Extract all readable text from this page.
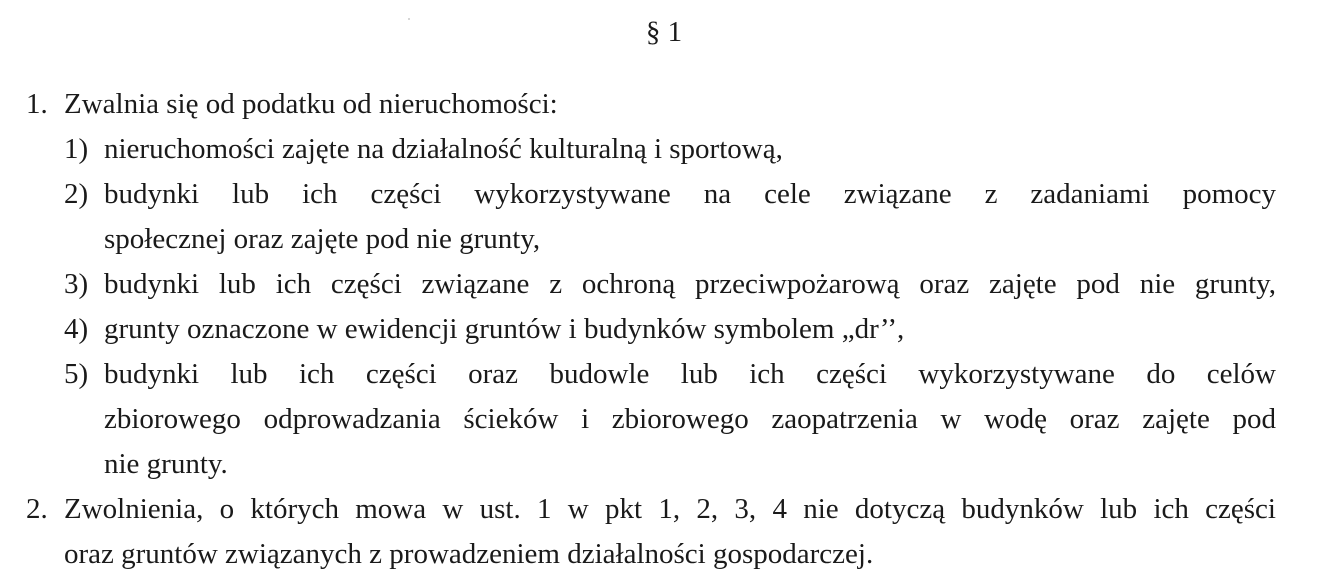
§ 1
1. Zwalnia się od podatku od nieruchomości:
1) nieruchomości zajęte na działalność kulturalną i sportową,
2) budynki lub ich części wykorzystywane na cele związane z zadaniami pomocy
społecznej oraz zajęte pod nie grunty,
3) budynki lub ich części związane z ochroną przeciwpożarową oraz zajęte pod nie grunty,
4) grunty oznaczone w ewidencji gruntów i budynków symbolem „dr’’,
5) budynki lub ich części oraz budowle lub ich części wykorzystywane do celów
zbiorowego odprowadzania ścieków i zbiorowego zaopatrzenia w wodę oraz zajęte pod
nie grunty.
2. Zwolnienia, o których mowa w ust. 1 w pkt 1, 2, 3, 4 nie dotyczą budynków lub ich części
oraz gruntów związanych z prowadzeniem działalności gospodarczej.
